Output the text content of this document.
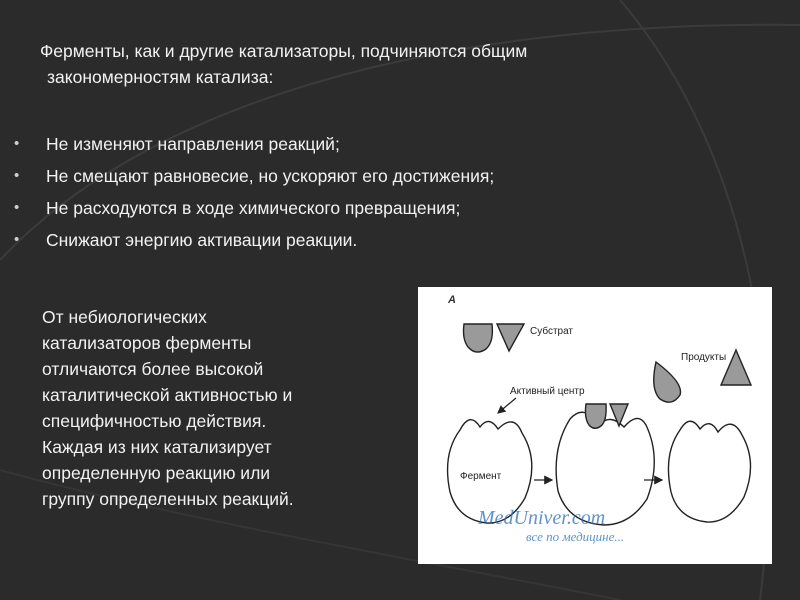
Ферменты, как и другие катализаторы, подчиняются общим
закономерностям катализа:
• Не изменяют направления реакций;
• Не смещают равновесие, но ускоряют его достижения;
• Не расходуются в ходе химического превращения;
• Снижают энергию активации реакции.
От небиологических
катализаторов ферменты
отличаются более высокой
каталитической активностью и
специфичностью действия.
Каждая из них катализирует
определенную реакцию или
группу определенных реакций.
А
Субстрат
Продукты
Активный центр
Фермент
MedUniver.com
все по медицине...
